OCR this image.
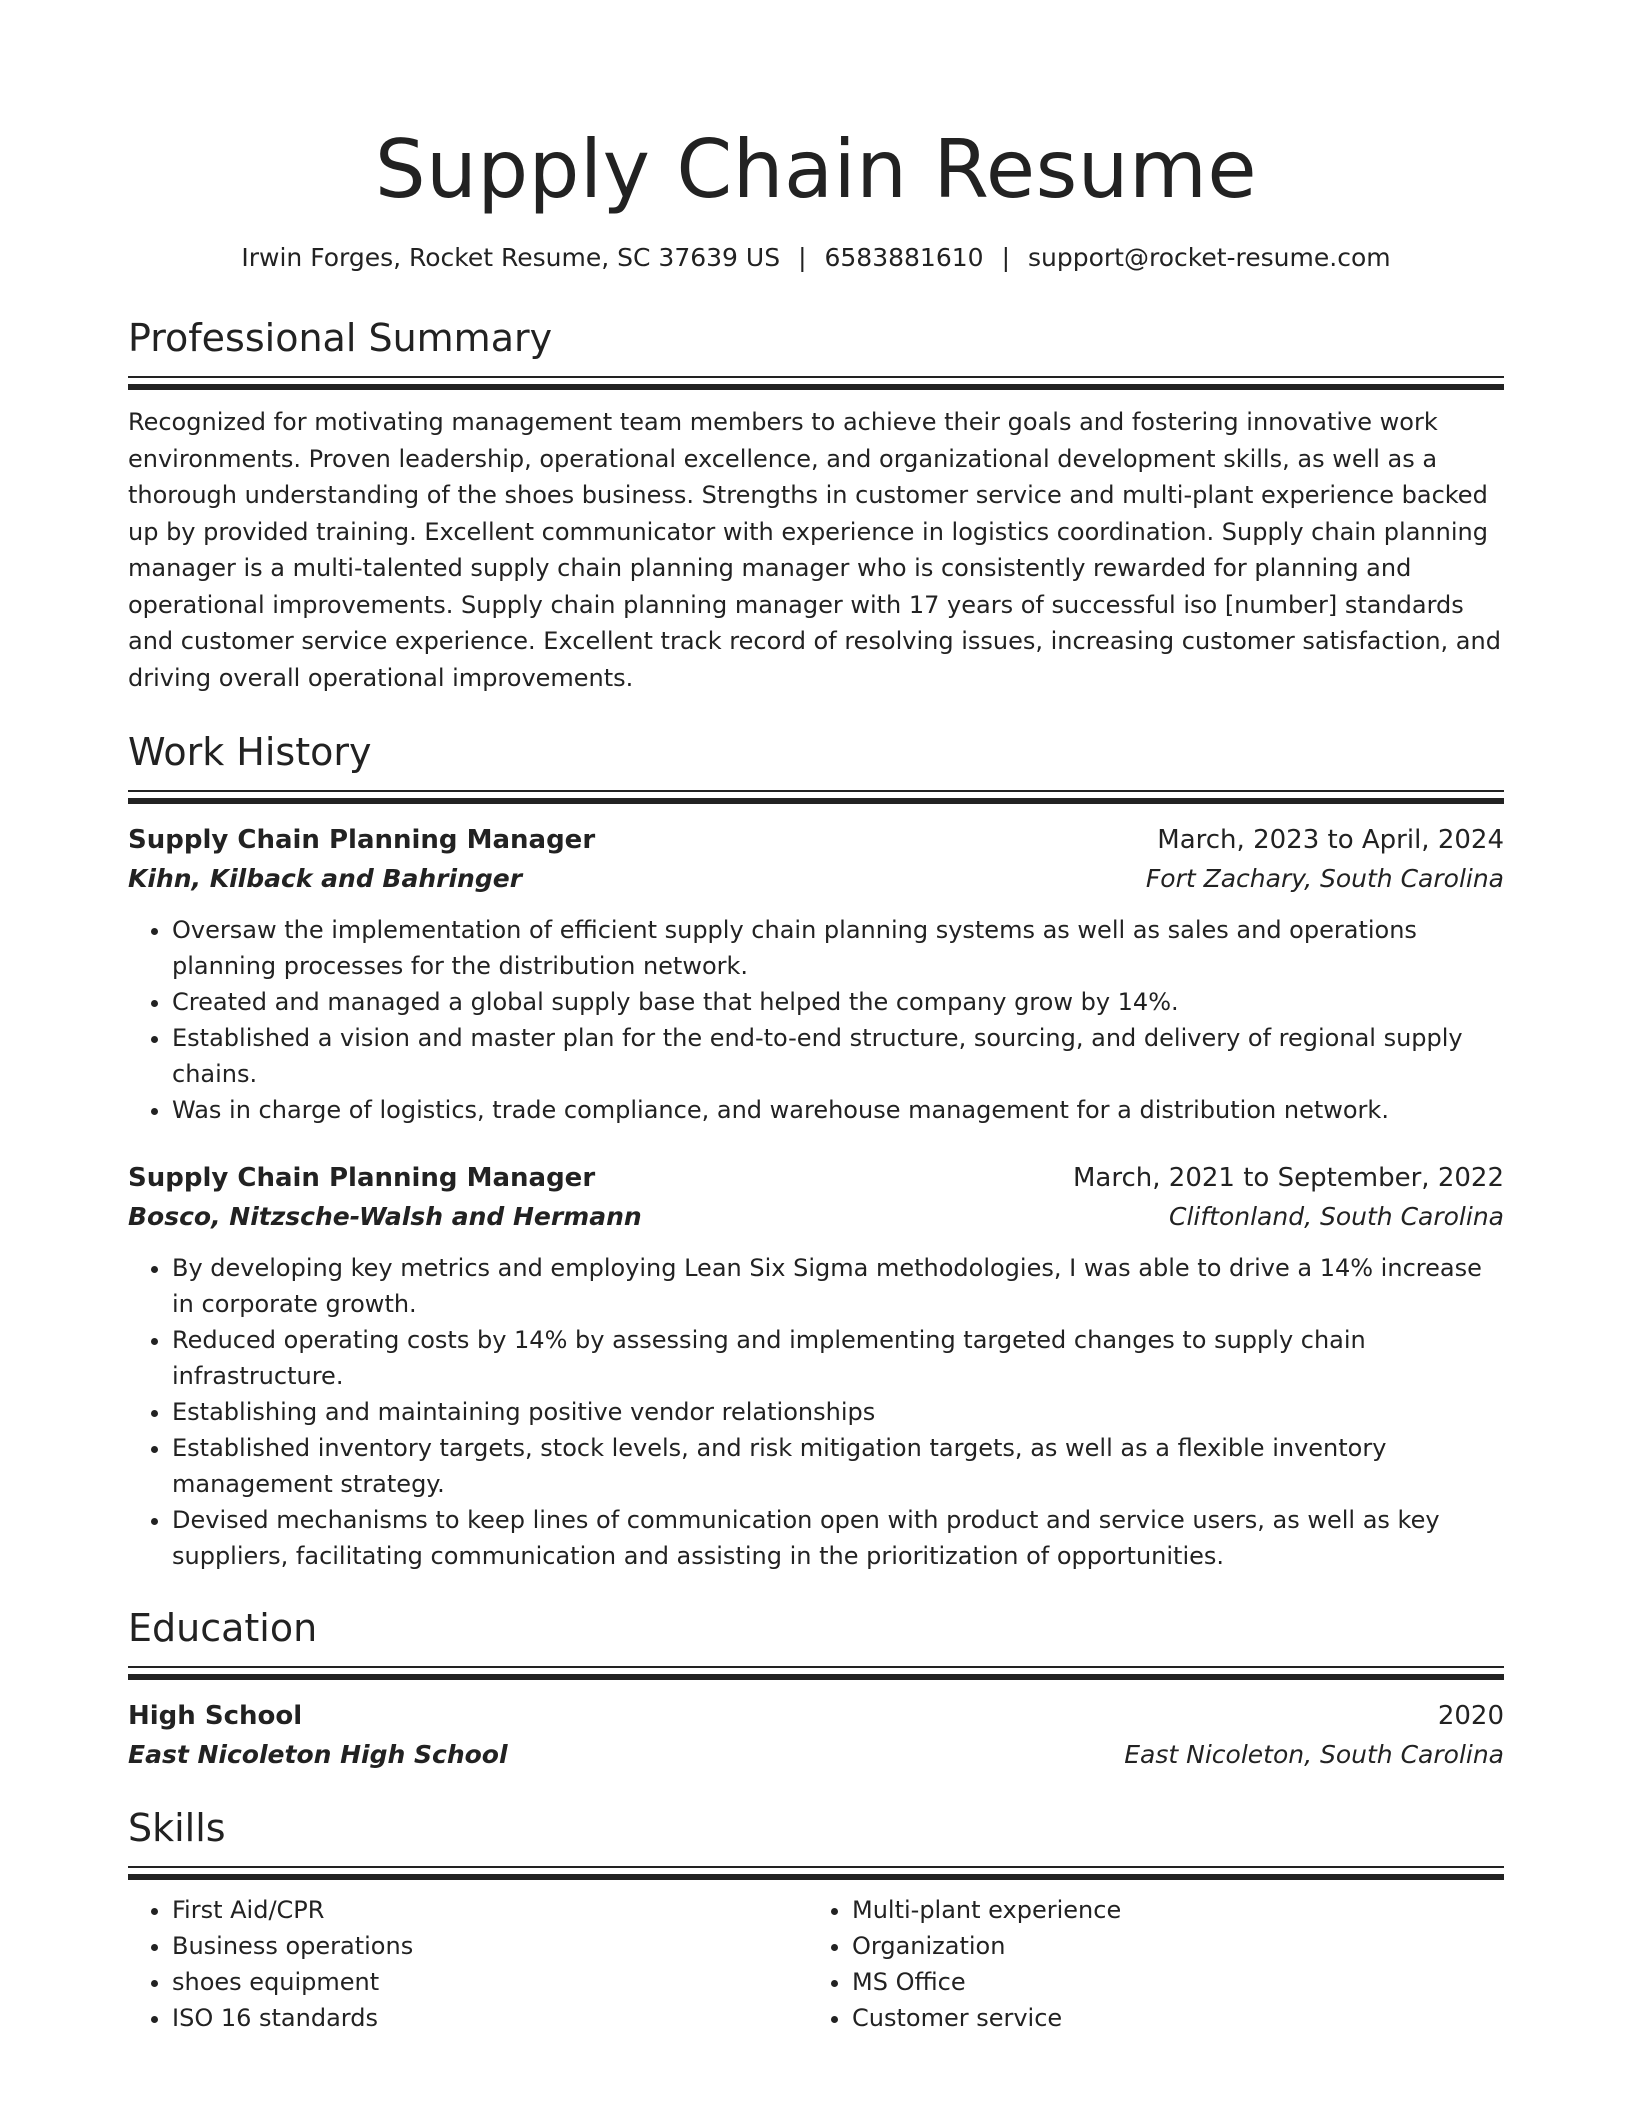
Supply Chain Resume
Irwin Forges, Rocket Resume, SC 37639 US | 6583881610 | support@rocket-resume.com
Professional Summary
Recognized for motivating management team members to achieve their goals and fostering innovative work environments. Proven leadership, operational excellence, and organizational development skills, as well as a thorough understanding of the shoes business. Strengths in customer service and multi-plant experience backed up by provided training. Excellent communicator with experience in logistics coordination. Supply chain planning manager is a multi-talented supply chain planning manager who is consistently rewarded for planning and operational improvements. Supply chain planning manager with 17 years of successful iso [number] standards and customer service experience. Excellent track record of resolving issues, increasing customer satisfaction, and driving overall operational improvements.
Work History
Supply Chain Planning Manager	March, 2023 to April, 2024
Kihn, Kilback and Bahringer	Fort Zachary, South Carolina
• Oversaw the implementation of efficient supply chain planning systems as well as sales and operations planning processes for the distribution network.
• Created and managed a global supply base that helped the company grow by 14%.
• Established a vision and master plan for the end-to-end structure, sourcing, and delivery of regional supply chains.
• Was in charge of logistics, trade compliance, and warehouse management for a distribution network.
Supply Chain Planning Manager	March, 2021 to September, 2022
Bosco, Nitzsche-Walsh and Hermann	Cliftonland, South Carolina
• By developing key metrics and employing Lean Six Sigma methodologies, I was able to drive a 14% increase in corporate growth.
• Reduced operating costs by 14% by assessing and implementing targeted changes to supply chain infrastructure.
• Establishing and maintaining positive vendor relationships
• Established inventory targets, stock levels, and risk mitigation targets, as well as a flexible inventory management strategy.
• Devised mechanisms to keep lines of communication open with product and service users, as well as key suppliers, facilitating communication and assisting in the prioritization of opportunities.
Education
High School	2020
East Nicoleton High School	East Nicoleton, South Carolina
Skills
• First Aid/CPR
• Business operations
• shoes equipment
• ISO 16 standards
• Multi-plant experience
• Organization
• MS Office
• Customer service
